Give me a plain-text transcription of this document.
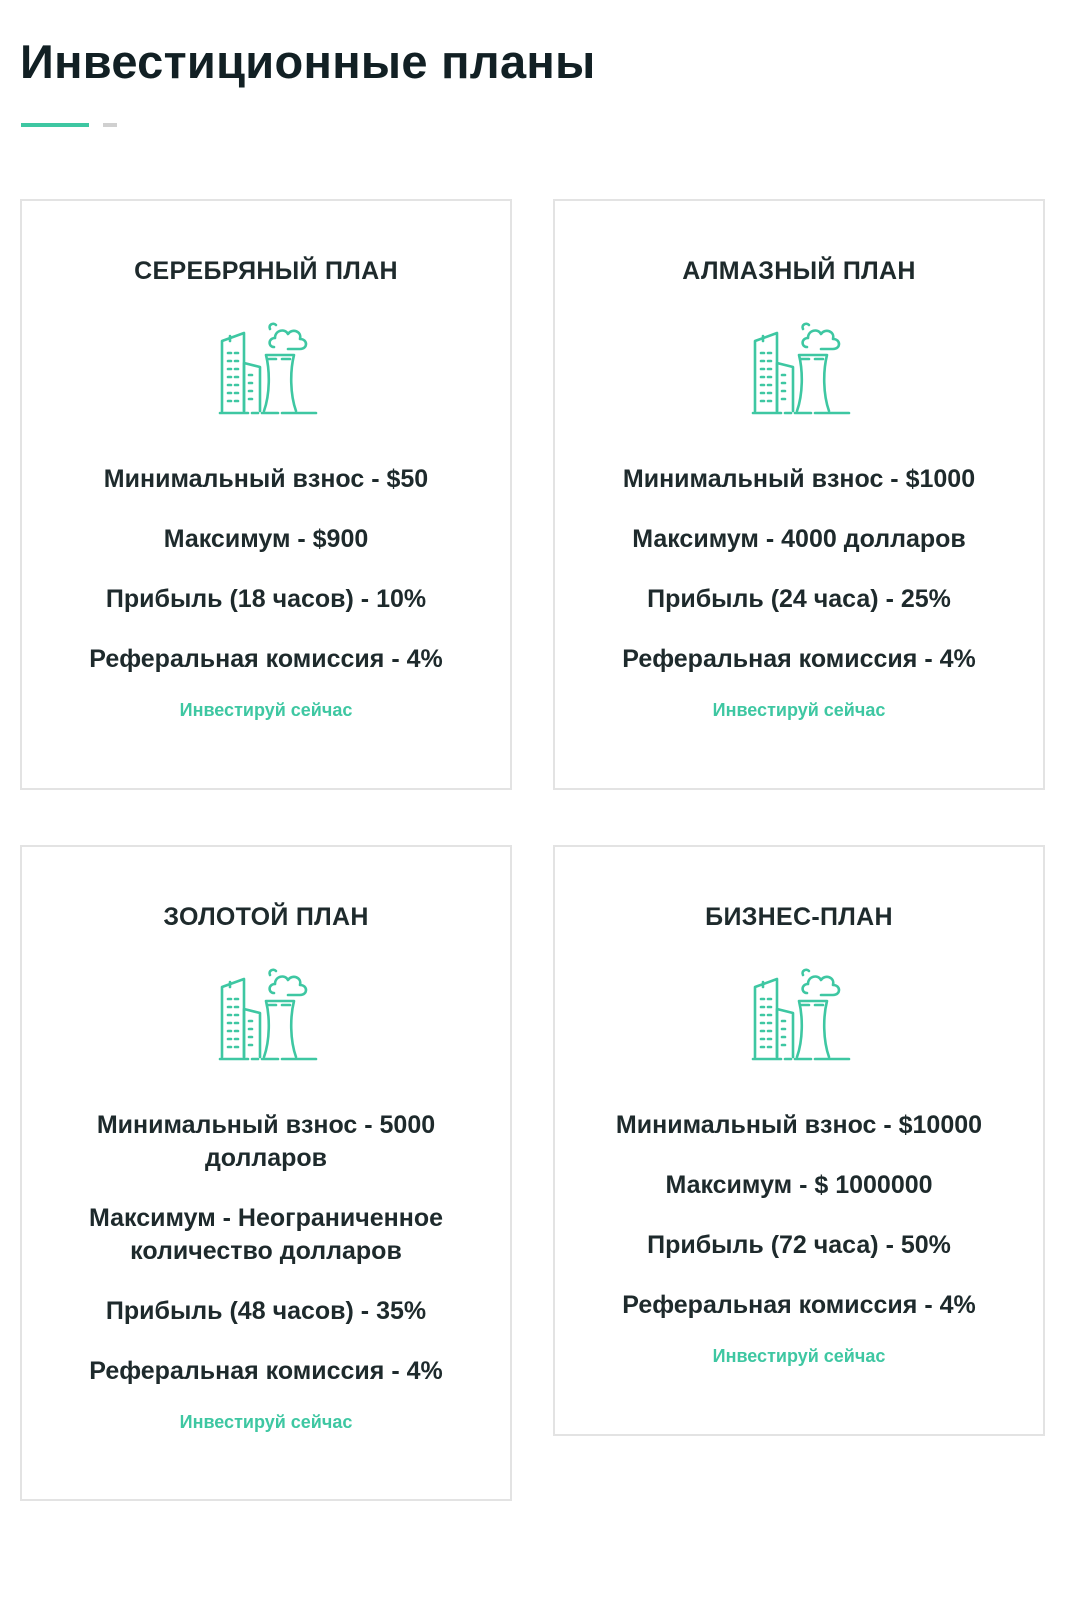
Инвестиционные планы
СЕРЕБРЯНЫЙ ПЛАН

Минимальный взнос - $50

Максимум - $900

Прибыль (18 часов) - 10%

Реферальная комиссия - 4%

Инвестируй сейчас
АЛМАЗНЫЙ ПЛАН

Минимальный взнос - $1000

Максимум - 4000 долларов

Прибыль (24 часа) - 25%

Реферальная комиссия - 4%

Инвестируй сейчас
ЗОЛОТОЙ ПЛАН

Минимальный взнос - 5000 долларов

Максимум - Неограниченное количество долларов

Прибыль (48 часов) - 35%

Реферальная комиссия - 4%

Инвестируй сейчас
БИЗНЕС-ПЛАН

Минимальный взнос - $10000

Максимум - $ 1000000

Прибыль (72 часа) - 50%

Реферальная комиссия - 4%

Инвестируй сейчас
